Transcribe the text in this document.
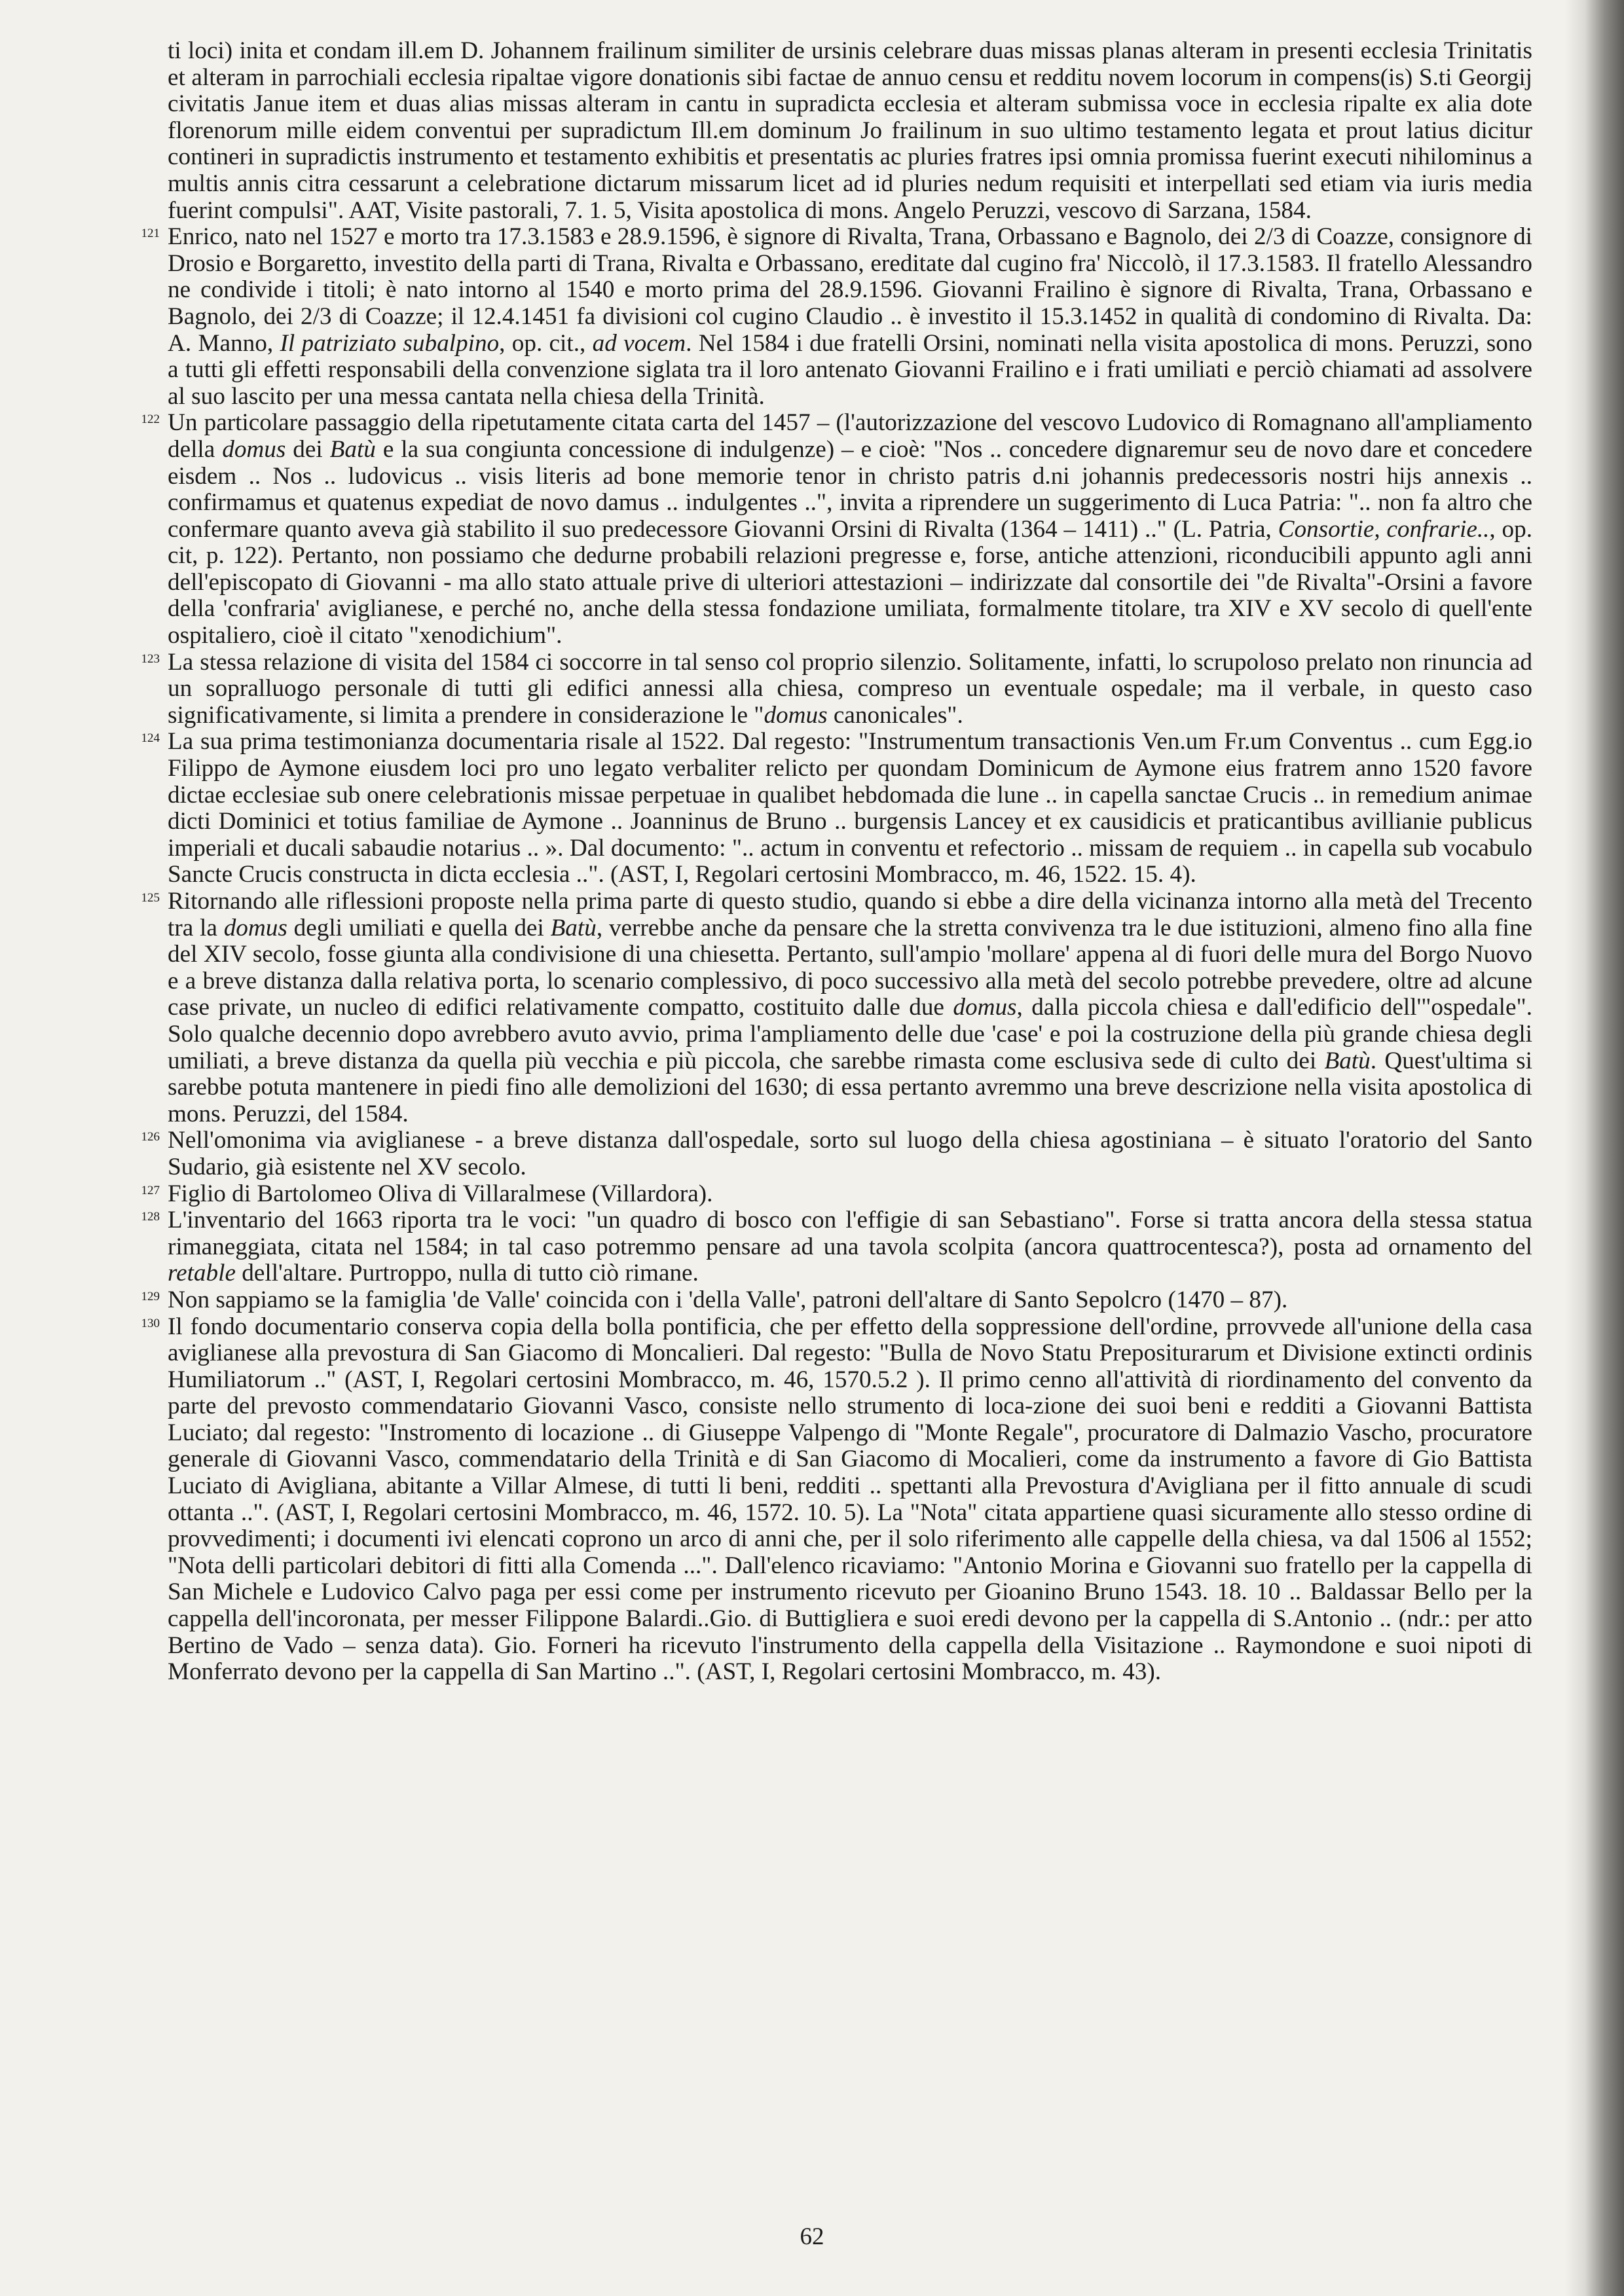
ti loci) inita et condam ill.em D. Johannem frailinum similiter de ursinis celebrare duas missas planas alteram in presenti ecclesia Trinitatis et alteram in parrochiali ecclesia ripaltae vigore donationis sibi factae de annuo censu et redditu novem locorum in compens(is) S.ti Georgij civitatis Janue item et duas alias missas alteram in cantu in supradicta ecclesia et alteram submissa voce in ecclesia ripalte ex alia dote florenorum mille eidem conventui per supradictum Ill.em dominum Jo frailinum in suo ultimo testamento legata et prout latius dicitur contineri in supradictis instrumento et testamento exhibitis et presentatis ac pluries fratres ipsi omnia promissa fuerint executi nihilominus a multis annis citra cessarunt a celebratione dictarum missarum licet ad id pluries nedum requisiti et interpellati sed etiam via iuris media fuerint compulsi". AAT, Visite pastorali, 7. 1. 5, Visita apostolica di mons. Angelo Peruzzi, vescovo di Sarzana, 1584.

121 Enrico, nato nel 1527 e morto tra 17.3.1583 e 28.9.1596, è signore di Rivalta, Trana, Orbassano e Bagnolo, dei 2/3 di Coazze, consignore di Drosio e Borgaretto, investito della parti di Trana, Rivalta e Orbassano, ereditate dal cugino fra' Niccolò, il 17.3.1583. Il fratello Alessandro ne condivide i titoli; è nato intorno al 1540 e morto prima del 28.9.1596. Giovanni Frailino è signore di Rivalta, Trana, Orbassano e Bagnolo, dei 2/3 di Coazze; il 12.4.1451 fa divisioni col cugino Claudio .. è investito il 15.3.1452 in qualità di condomino di Rivalta. Da: A. Manno, Il patriziato subalpino, op. cit., ad vocem. Nel 1584 i due fratelli Orsini, nominati nella visita apostolica di mons. Peruzzi, sono a tutti gli effetti responsabili della convenzione siglata tra il loro antenato Giovanni Frailino e i frati umiliati e perciò chiamati ad assolvere al suo lascito per una messa cantata nella chiesa della Trinità.

122 Un particolare passaggio della ripetutamente citata carta del 1457 – (l'autorizzazione del vescovo Ludovico di Romagnano all'ampliamento della domus dei Batù e la sua congiunta concessione di indulgenze) – e cioè: "Nos .. concedere dignaremur seu de novo dare et concedere eisdem .. Nos .. ludovicus .. visis literis ad bone memorie tenor in christo patris d.ni johannis predecessoris nostri hijs annexis .. confirmamus et quatenus expediat de novo damus .. indulgentes ..", invita a riprendere un suggerimento di Luca Patria: ".. non fa altro che confermare quanto aveva già stabilito il suo predecessore Giovanni Orsini di Rivalta (1364 – 1411) .." (L. Patria, Consortie, confrarie.., op. cit, p. 122). Pertanto, non possiamo che dedurne probabili relazioni pregresse e, forse, antiche attenzioni, riconducibili appunto agli anni dell'episcopato di Giovanni - ma allo stato attuale prive di ulteriori attestazioni – indirizzate dal consortile dei "de Rivalta"-Orsini a favore della 'confraria' aviglianese, e perché no, anche della stessa fondazione umiliata, formalmente titolare, tra XIV e XV secolo di quell'ente ospitaliero, cioè il citato "xenodichium".

123 La stessa relazione di visita del 1584 ci soccorre in tal senso col proprio silenzio. Solitamente, infatti, lo scrupoloso prelato non rinuncia ad un sopralluogo personale di tutti gli edifici annessi alla chiesa, compreso un eventuale ospedale; ma il verbale, in questo caso significativamente, si limita a prendere in considerazione le "domus canonicales".

124 La sua prima testimonianza documentaria risale al 1522. Dal regesto: "Instrumentum transactionis Ven.um Fr.um Conventus .. cum Egg.io Filippo de Aymone eiusdem loci pro uno legato verbaliter relicto per quondam Dominicum de Aymone eius fratrem anno 1520 favore dictae ecclesiae sub onere celebrationis missae perpetuae in qualibet hebdomada die lune .. in capella sanctae Crucis .. in remedium animae dicti Dominici et totius familiae de Aymone .. Joanninus de Bruno .. burgensis Lancey et ex causidicis et praticantibus avillianie publicus imperiali et ducali sabaudie notarius .. ». Dal documento: ".. actum in conventu et refectorio .. missam de requiem .. in capella sub vocabulo Sancte Crucis constructa in dicta ecclesia ..". (AST, I, Regolari certosini Mombracco, m. 46, 1522. 15. 4).

125 Ritornando alle riflessioni proposte nella prima parte di questo studio, quando si ebbe a dire della vicinanza intorno alla metà del Trecento tra la domus degli umiliati e quella dei Batù, verrebbe anche da pensare che la stretta convivenza tra le due istituzioni, almeno fino alla fine del XIV secolo, fosse giunta alla condivisione di una chiesetta. Pertanto, sull'ampio 'mollare' appena al di fuori delle mura del Borgo Nuovo e a breve distanza dalla relativa porta, lo scenario complessivo, di poco successivo alla metà del secolo potrebbe prevedere, oltre ad alcune case private, un nucleo di edifici relativamente compatto, costituito dalle due domus, dalla piccola chiesa e dall'edificio dell'"ospedale". Solo qualche decennio dopo avrebbero avuto avvio, prima l'ampliamento delle due 'case' e poi la costruzione della più grande chiesa degli umiliati, a breve distanza da quella più vecchia e più piccola, che sarebbe rimasta come esclusiva sede di culto dei Batù. Quest'ultima si sarebbe potuta mantenere in piedi fino alle demolizioni del 1630; di essa pertanto avremmo una breve descrizione nella visita apostolica di mons. Peruzzi, del 1584.

126 Nell'omonima via aviglianese - a breve distanza dall'ospedale, sorto sul luogo della chiesa agostiniana – è situato l'oratorio del Santo Sudario, già esistente nel XV secolo.

127 Figlio di Bartolomeo Oliva di Villaralmese (Villardora).

128 L'inventario del 1663 riporta tra le voci: "un quadro di bosco con l'effigie di san Sebastiano". Forse si tratta ancora della stessa statua rimaneggiata, citata nel 1584; in tal caso potremmo pensare ad una tavola scolpita (ancora quattrocentesca?), posta ad ornamento del retable dell'altare. Purtroppo, nulla di tutto ciò rimane.

129 Non sappiamo se la famiglia 'de Valle' coincida con i 'della Valle', patroni dell'altare di Santo Sepolcro (1470 – 87).

130 Il fondo documentario conserva copia della bolla pontificia, che per effetto della soppressione dell'ordine, prrovvede all'unione della casa aviglianese alla prevostura di San Giacomo di Moncalieri. Dal regesto: "Bulla de Novo Statu Prepositurarum et Divisione extincti ordinis Humiliatorum .." (AST, I, Regolari certosini Mombracco, m. 46, 1570.5.2 ). Il primo cenno all'attività di riordinamento del convento da parte del prevosto commendatario Giovanni Vasco, consiste nello strumento di loca-zione dei suoi beni e redditi a Giovanni Battista Luciato; dal regesto: "Instromento di locazione .. di Giuseppe Valpengo di "Monte Regale", procuratore di Dalmazio Vascho, procuratore generale di Giovanni Vasco, commendatario della Trinità e di San Giacomo di Mocalieri, come da instrumento a favore di Gio Battista Luciato di Avigliana, abitante a Villar Almese, di tutti li beni, redditi .. spettanti alla Prevostura d'Avigliana per il fitto annuale di scudi ottanta ..". (AST, I, Regolari certosini Mombracco, m. 46, 1572. 10. 5). La "Nota" citata appartiene quasi sicuramente allo stesso ordine di provvedimenti; i documenti ivi elencati coprono un arco di anni che, per il solo riferimento alle cappelle della chiesa, va dal 1506 al 1552; "Nota delli particolari debitori di fitti alla Comenda ...". Dall'elenco ricaviamo: "Antonio Morina e Giovanni suo fratello per la cappella di San Michele e Ludovico Calvo paga per essi come per instrumento ricevuto per Gioanino Bruno 1543. 18. 10 .. Baldassar Bello per la cappella dell'incoronata, per messer Filippone Balardi..Gio. di Buttigliera e suoi eredi devono per la cappella di S.Antonio .. (ndr.: per atto Bertino de Vado – senza data). Gio. Forneri ha ricevuto l'instrumento della cappella della Visitazione .. Raymondone e suoi nipoti di Monferrato devono per la cappella di San Martino ..". (AST, I, Regolari certosini Mombracco, m. 43).

62
